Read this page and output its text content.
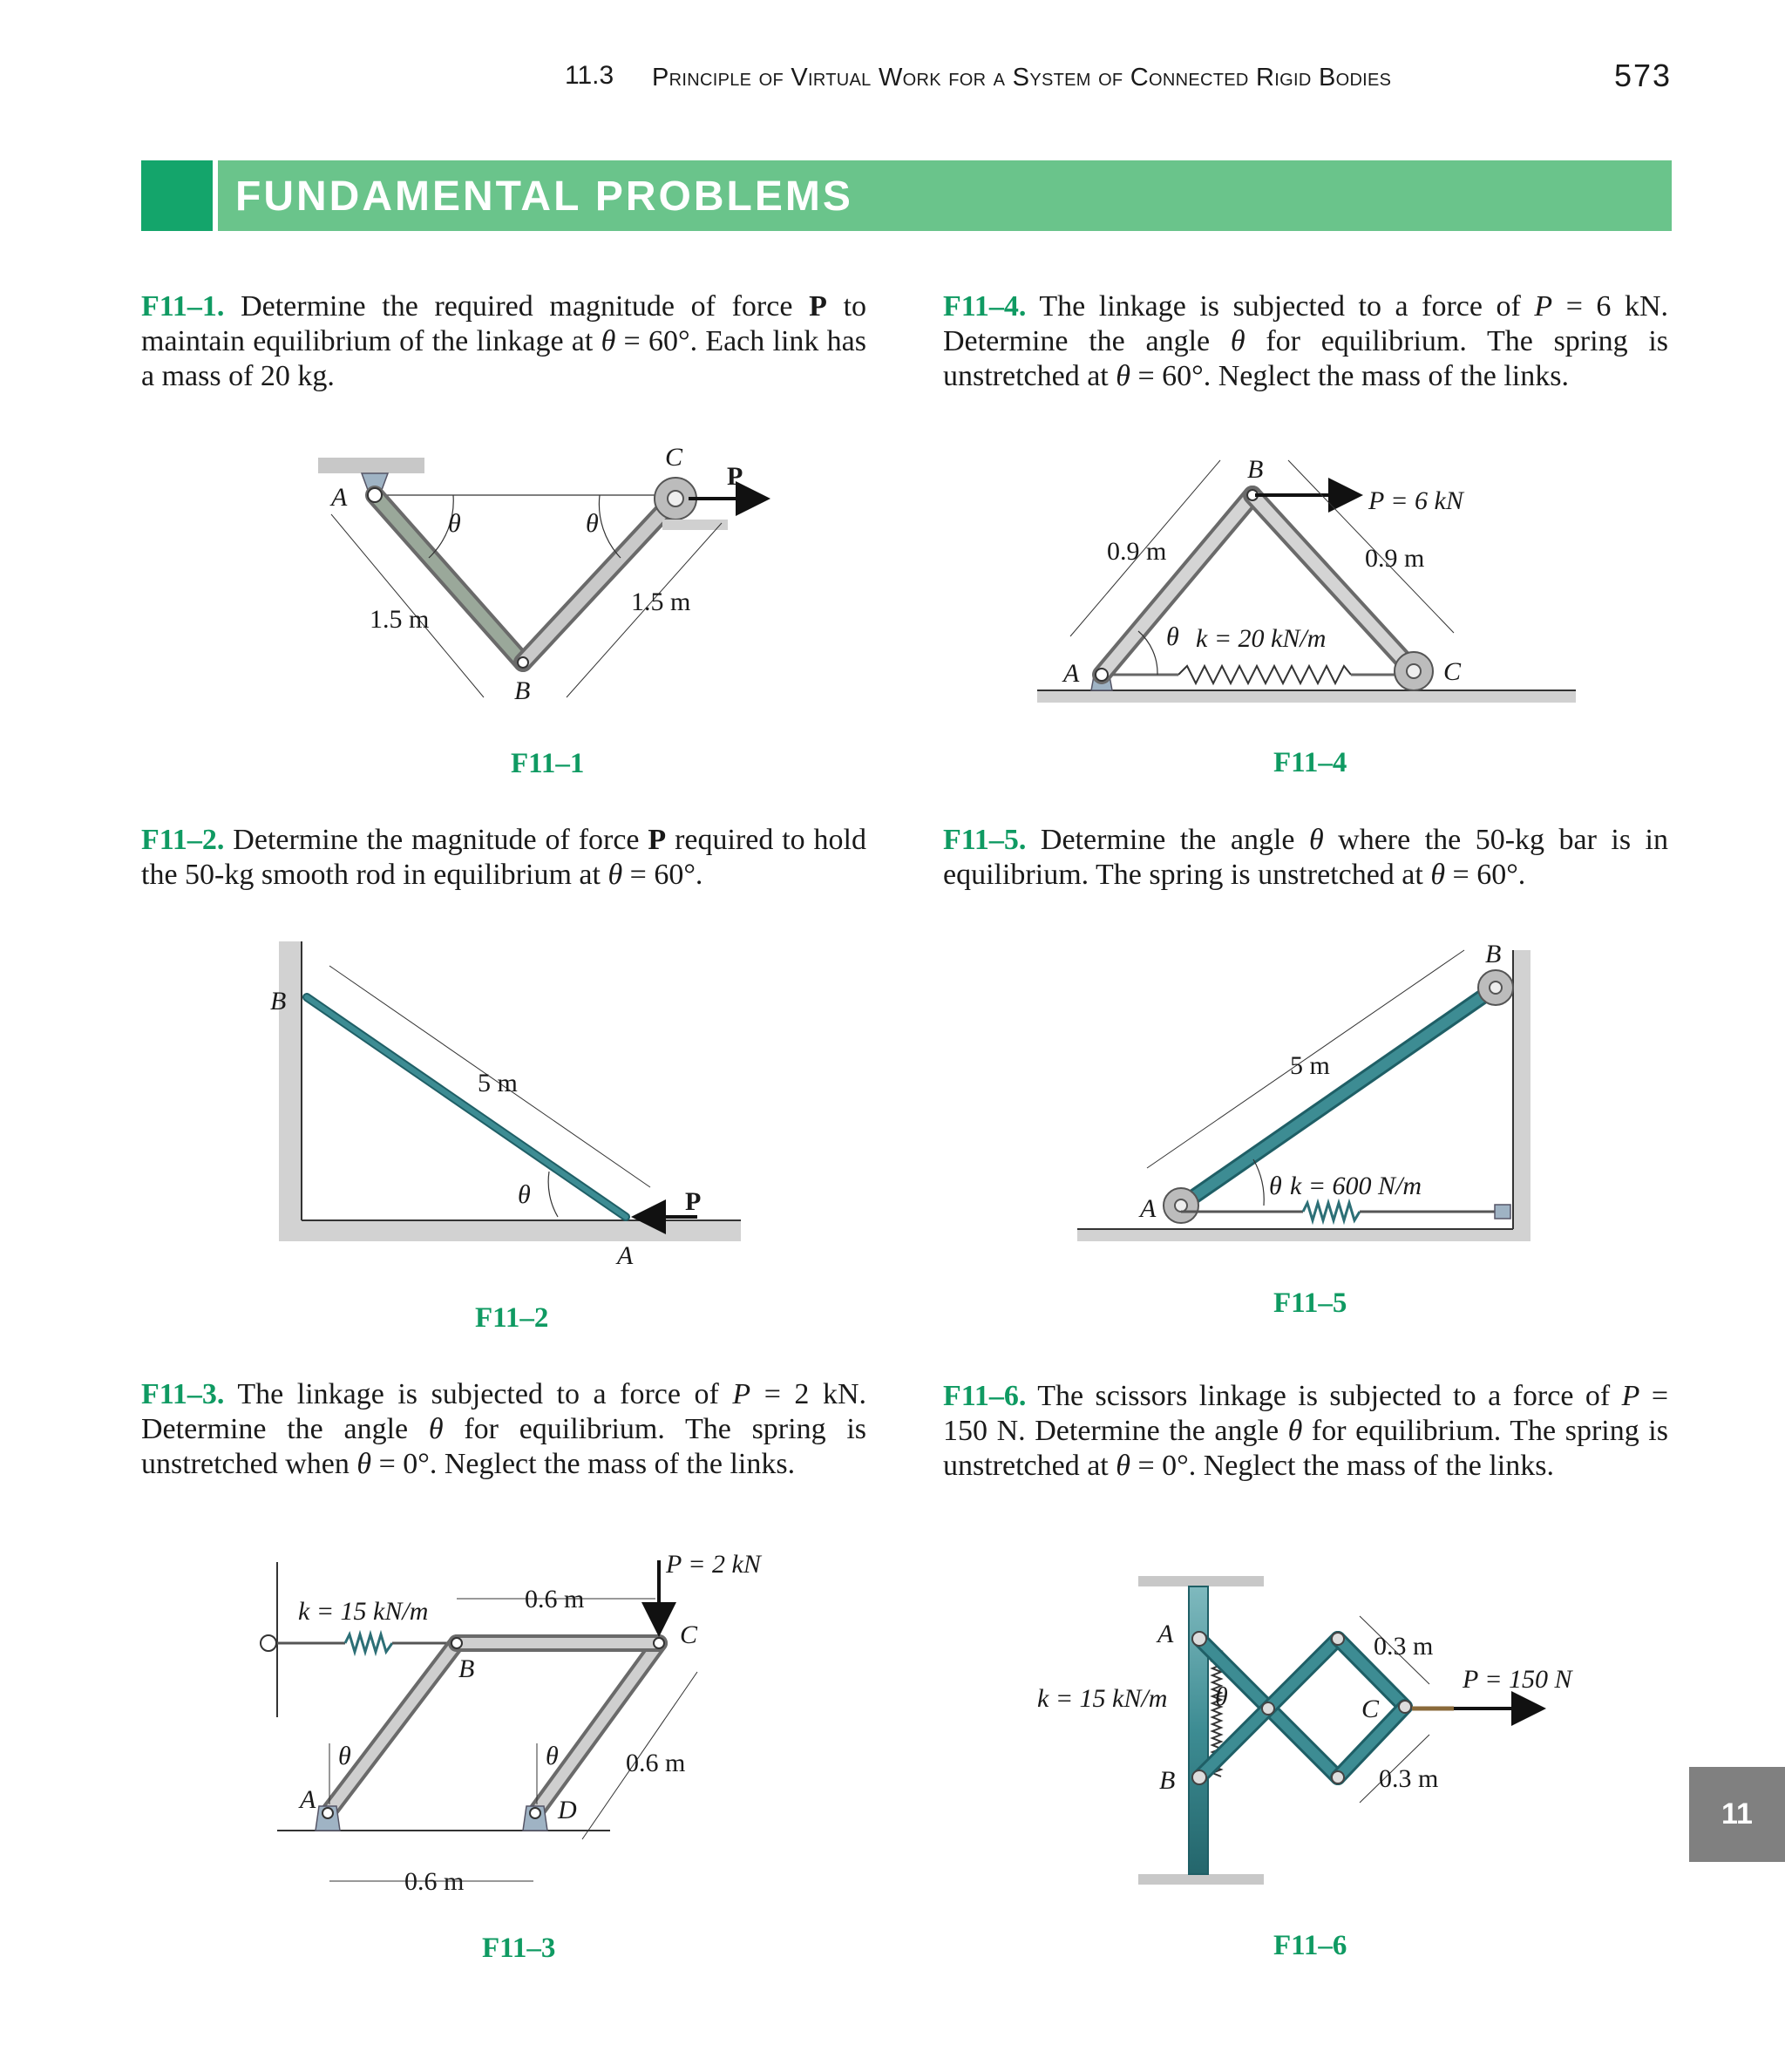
11.3 Principle of Virtual Work for a System of Connected Rigid Bodies	573
FUNDAMENTAL PROBLEMS
F11–1. Determine the required magnitude of force P to maintain equilibrium of the linkage at θ = 60°. Each link has a mass of 20 kg.
F11–4. The linkage is subjected to a force of P = 6 kN. Determine the angle θ for equilibrium. The spring is unstretched at θ = 60°. Neglect the mass of the links.
F11–2. Determine the magnitude of force P required to hold the 50-kg smooth rod in equilibrium at θ = 60°.
F11–5. Determine the angle θ where the 50-kg bar is in equilibrium. The spring is unstretched at θ = 60°.
F11–3. The linkage is subjected to a force of P = 2 kN. Determine the angle θ for equilibrium. The spring is unstretched when θ = 0°. Neglect the mass of the links.
F11–6. The scissors linkage is subjected to a force of P = 150 N. Determine the angle θ for equilibrium. The spring is unstretched at θ = 0°. Neglect the mass of the links.
F11–1	F11–4
F11–2	F11–5
F11–3	F11–6
11
A
B
C
P
θ	θ
1.5 m
1.5 m
A
B
C
P = 6 kN
0.9 m	0.9 m
θ k = 20 kN/m
B
A
P
θ
5 m
A
B
5 m
θ k = 600 N/m
k = 15 kN/m
B
C
A	D
θ	θ
P = 2 kN
0.6 m
0.6 m
0.6 m
A
B
C
θ
k = 15 kN/m
P = 150 N
0.3 m
0.3 m
